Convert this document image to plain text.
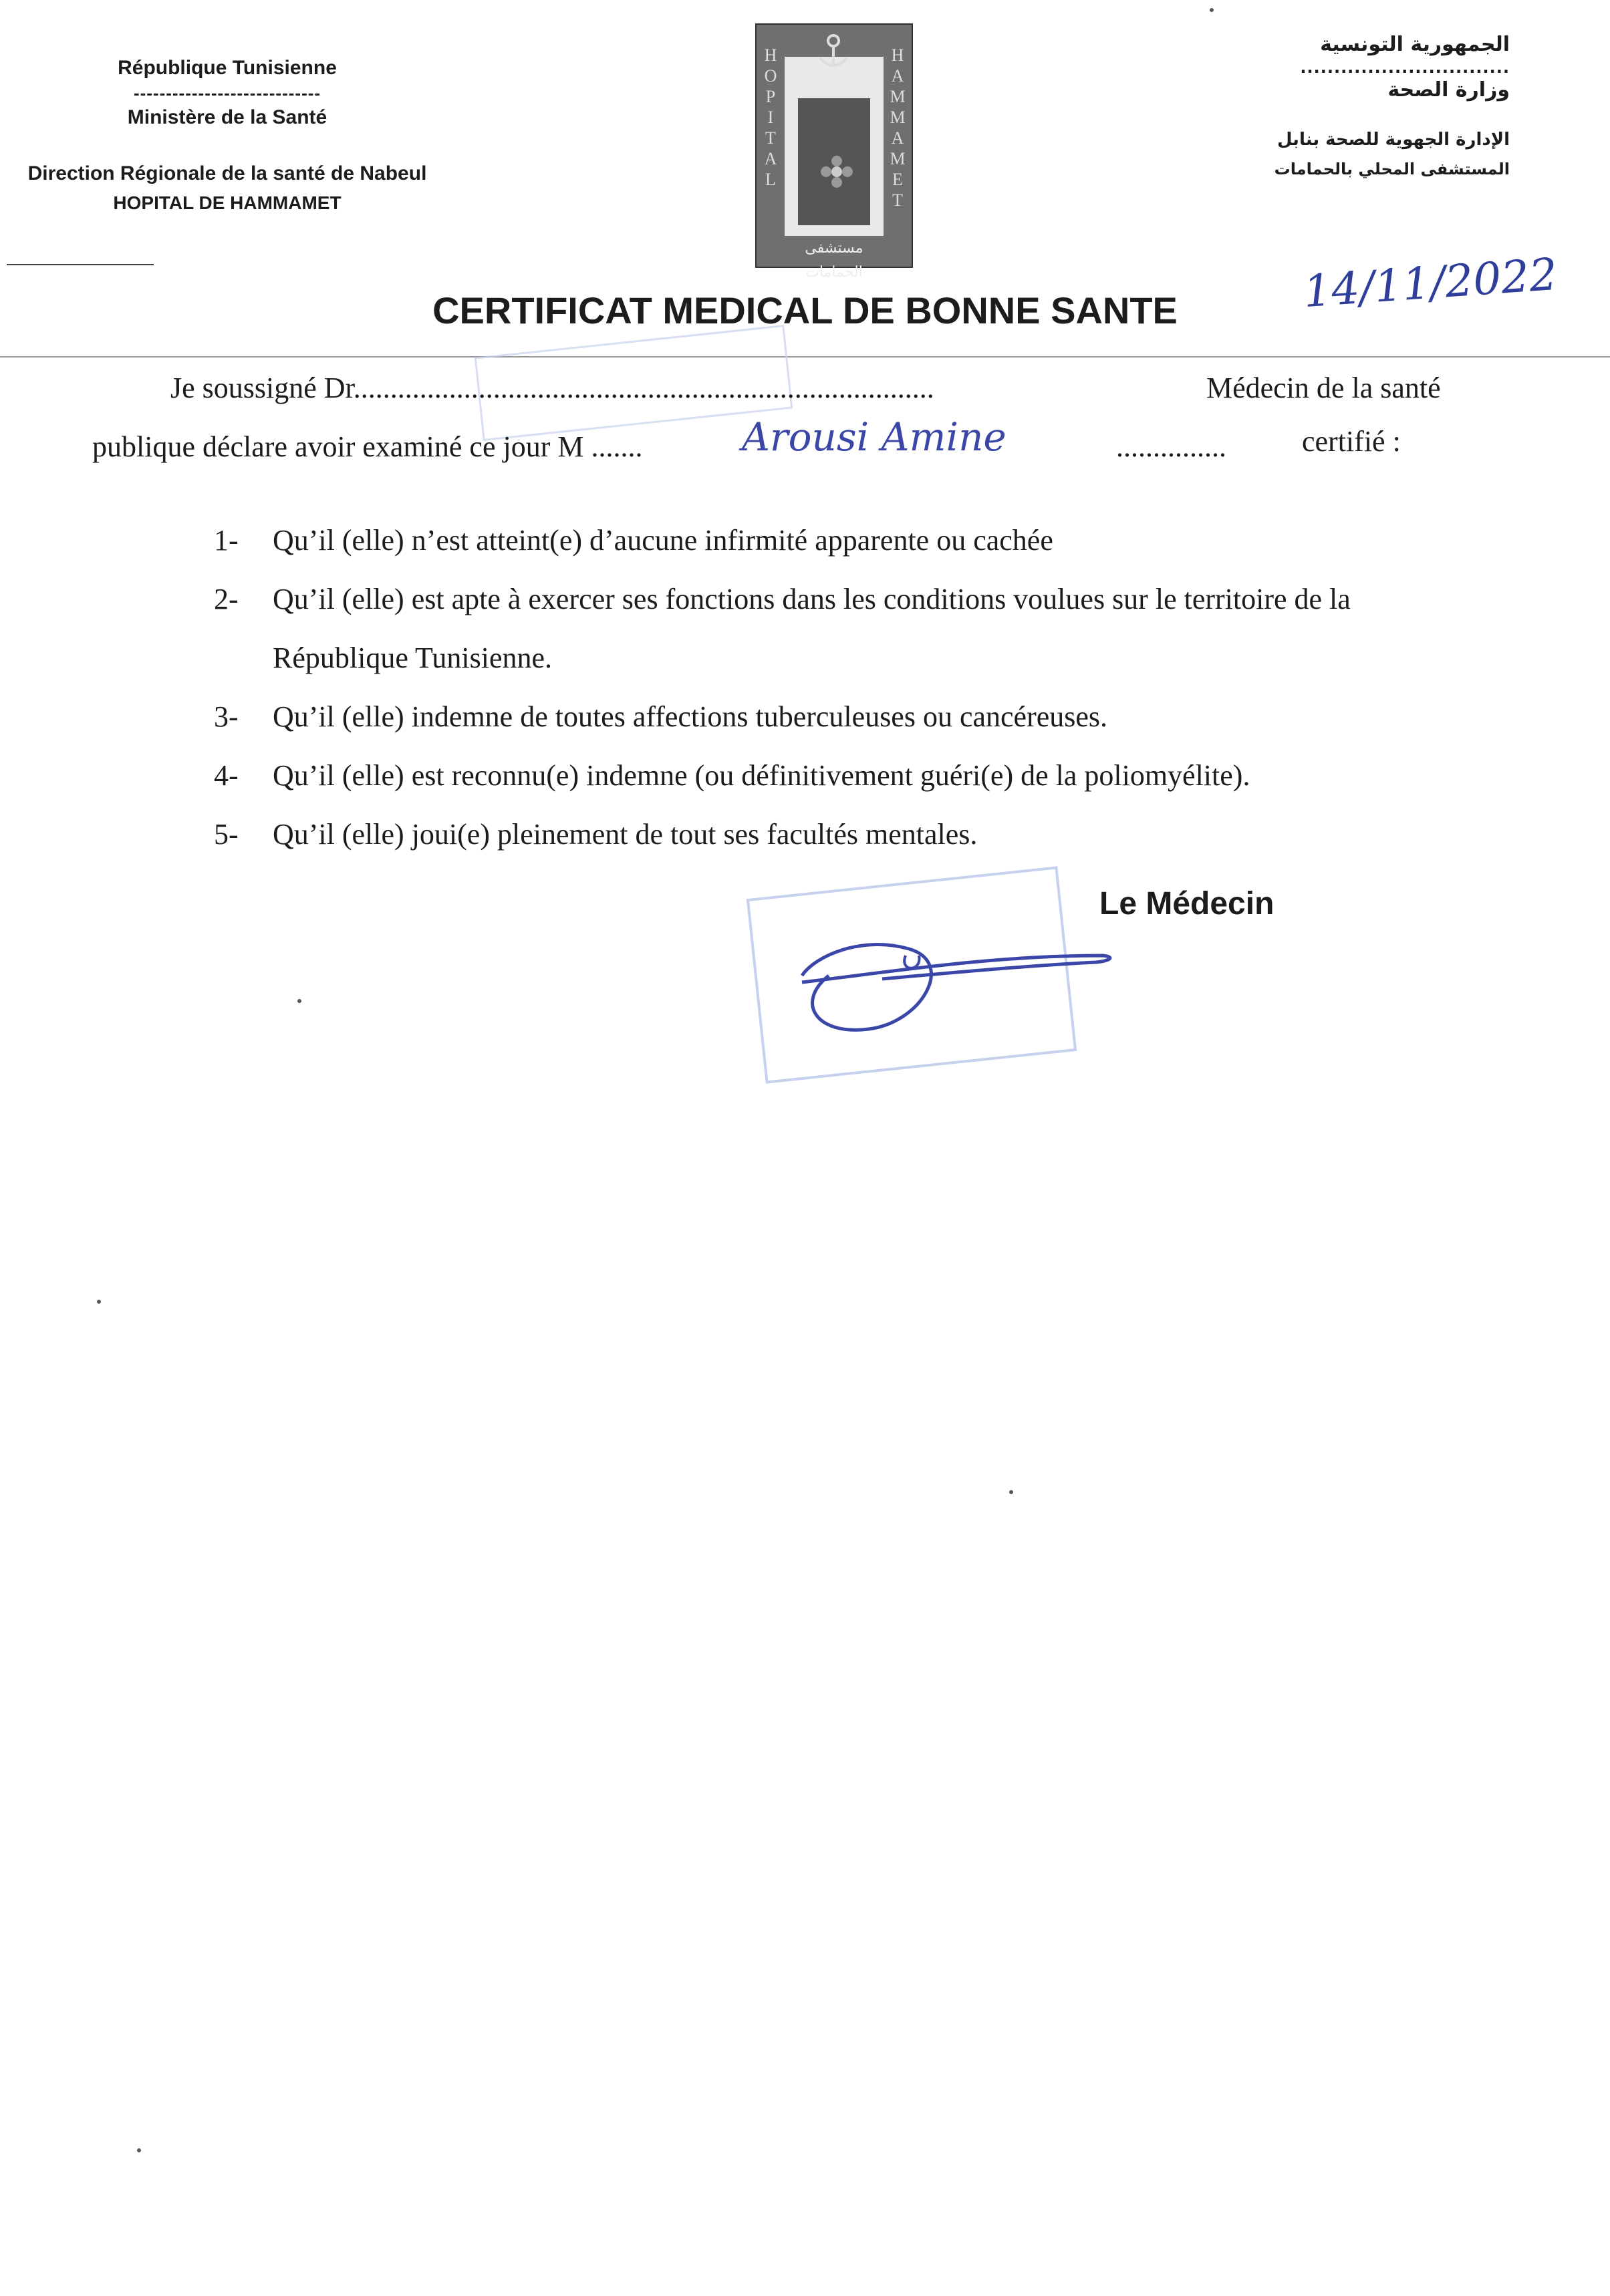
République Tunisienne
-----------------------------
Ministère de la Santé
Direction Régionale de la santé de Nabeul
HOPITAL DE HAMMAMET
H
O
P
I
T
A
L
H
A
M
M
A
M
E
T
مستشفى الحمامات
الجمهورية التونسية
...............................
وزارة الصحة
الإدارة الجهوية للصحة بنابل
المستشفى المحلي بالحمامات
14/11/2022
CERTIFICAT MEDICAL DE BONNE SANTE
Je soussigné Dr...............................................................................	Médecin de la santé
publique déclare avoir examiné ce jour M .......	Arousi Amine	...............	certifié :
1- Qu’il (elle) n’est atteint(e) d’aucune infirmité apparente ou cachée
2- Qu’il (elle) est apte à exercer ses fonctions dans les conditions voulues sur le territoire de la
République Tunisienne.
3- Qu’il (elle) indemne de toutes affections tuberculeuses ou cancéreuses.
4- Qu’il (elle) est reconnu(e) indemne (ou définitivement guéri(e) de la poliomyélite).
5- Qu’il (elle) joui(e) pleinement de tout ses facultés mentales.
Le Médecin
